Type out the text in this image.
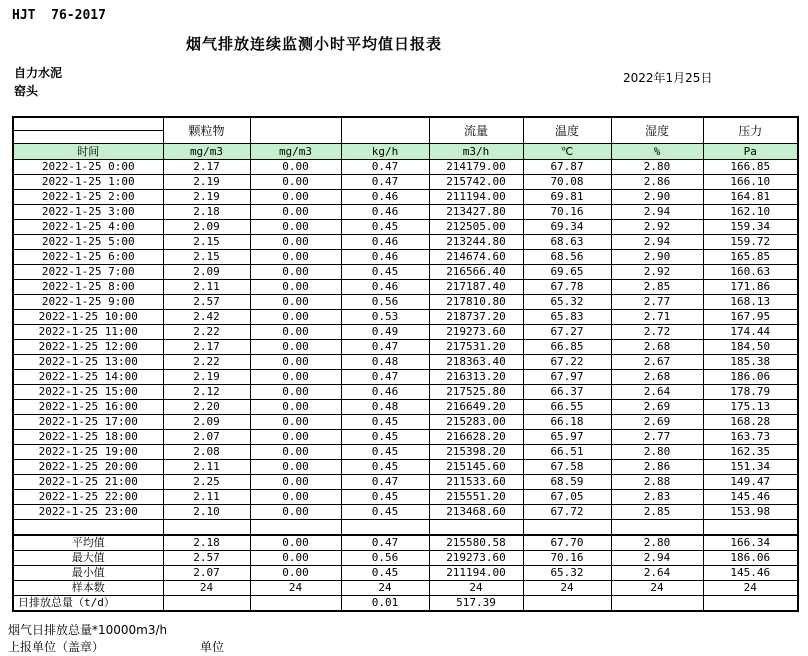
HJT  76-2017
烟气排放连续监测小时平均值日报表
自力水泥	2022年1月25日
窑头
	颗粒物			流量	温度	湿度	压力

时间	mg/m3	mg/m3	kg/h	m3/h	℃	%	Pa
2022-1-25 0:00	2.17	0.00	0.47	214179.00	67.87	2.80	166.85
2022-1-25 1:00	2.19	0.00	0.47	215742.00	70.08	2.86	166.10
2022-1-25 2:00	2.19	0.00	0.46	211194.00	69.81	2.90	164.81
2022-1-25 3:00	2.18	0.00	0.46	213427.80	70.16	2.94	162.10
2022-1-25 4:00	2.09	0.00	0.45	212505.00	69.34	2.92	159.34
2022-1-25 5:00	2.15	0.00	0.46	213244.80	68.63	2.94	159.72
2022-1-25 6:00	2.15	0.00	0.46	214674.60	68.56	2.90	165.85
2022-1-25 7:00	2.09	0.00	0.45	216566.40	69.65	2.92	160.63
2022-1-25 8:00	2.11	0.00	0.46	217187.40	67.78	2.85	171.86
2022-1-25 9:00	2.57	0.00	0.56	217810.80	65.32	2.77	168.13
2022-1-25 10:00	2.42	0.00	0.53	218737.20	65.83	2.71	167.95
2022-1-25 11:00	2.22	0.00	0.49	219273.60	67.27	2.72	174.44
2022-1-25 12:00	2.17	0.00	0.47	217531.20	66.85	2.68	184.50
2022-1-25 13:00	2.22	0.00	0.48	218363.40	67.22	2.67	185.38
2022-1-25 14:00	2.19	0.00	0.47	216313.20	67.97	2.68	186.06
2022-1-25 15:00	2.12	0.00	0.46	217525.80	66.37	2.64	178.79
2022-1-25 16:00	2.20	0.00	0.48	216649.20	66.55	2.69	175.13
2022-1-25 17:00	2.09	0.00	0.45	215283.00	66.18	2.69	168.28
2022-1-25 18:00	2.07	0.00	0.45	216628.20	65.97	2.77	163.73
2022-1-25 19:00	2.08	0.00	0.45	215398.20	66.51	2.80	162.35
2022-1-25 20:00	2.11	0.00	0.45	215145.60	67.58	2.86	151.34
2022-1-25 21:00	2.25	0.00	0.47	211533.60	68.59	2.88	149.47
2022-1-25 22:00	2.11	0.00	0.45	215551.20	67.05	2.83	145.46
2022-1-25 23:00	2.10	0.00	0.45	213468.60	67.72	2.85	153.98

平均值	2.18	0.00	0.47	215580.58	67.70	2.80	166.34
最大值	2.57	0.00	0.56	219273.60	70.16	2.94	186.06
最小值	2.07	0.00	0.45	211194.00	65.32	2.64	145.46
样本数	24	24	24	24	24	24	24
日排放总量（t/d）			0.01	517.39			
烟气日排放总量*10000m3/h
上报单位（盖章）	单位
